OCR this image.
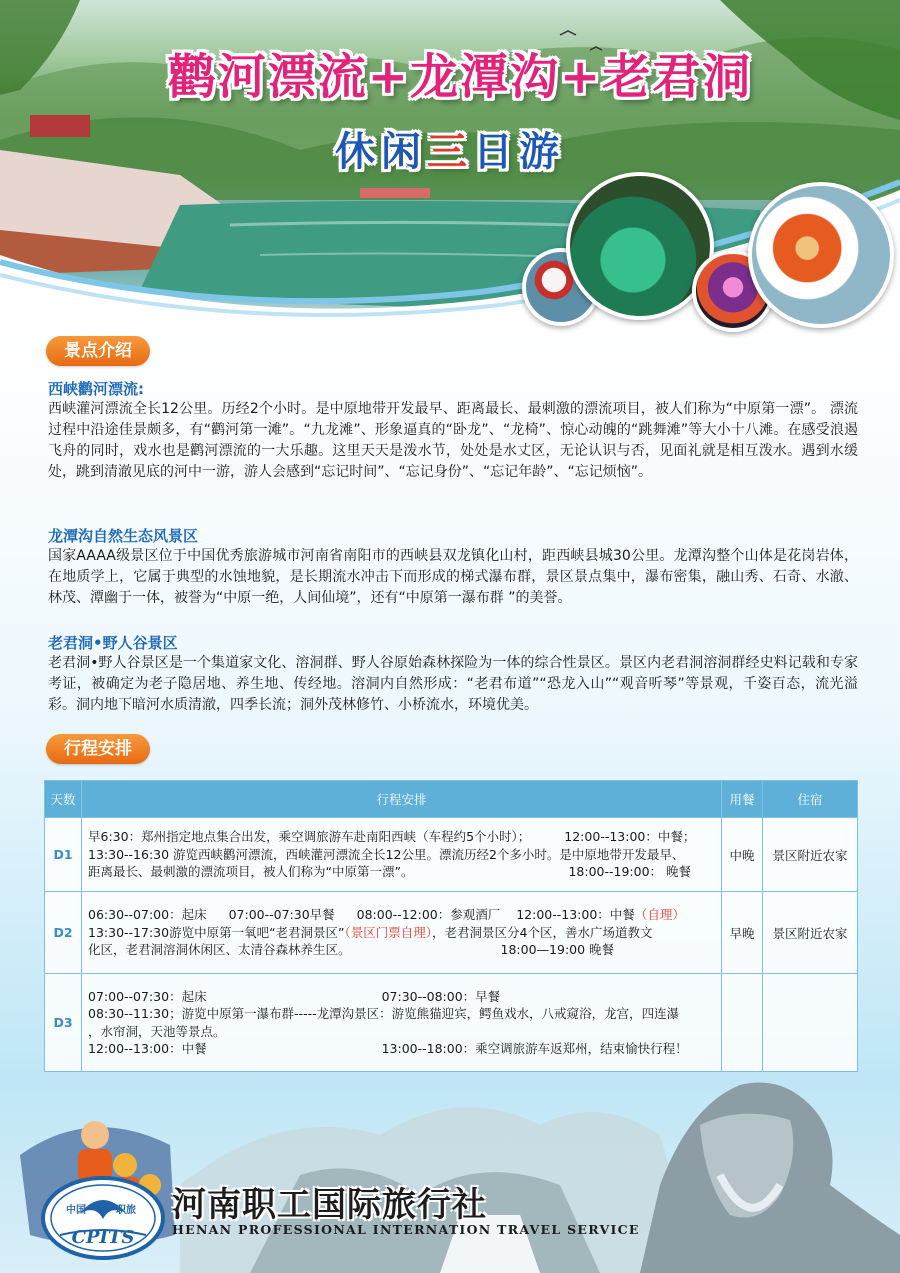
鹳河漂流+龙潭沟+老君洞
休闲三日游
景点介绍
西峡鹳河漂流:
西峡灌河漂流全长12公里。历经2个小时。是中原地带开发最早、距离最长、最刺激的漂流项目，被人们称为“中原第一漂”。 漂流过程中沿途佳景颇多，有“鹳河第一滩”。“九龙滩”、形象逼真的“卧龙”、“龙椅”、惊心动魄的“跳舞滩”等大小十八滩。在感受浪遏飞舟的同时，戏水也是鹳河漂流的一大乐趣。这里天天是泼水节，处处是水丈区，无论认识与否，见面礼就是相互泼水。遇到水缓处，跳到清澈见底的河中一游，游人会感到“忘记时间”、“忘记身份”、“忘记年龄”、“忘记烦恼”。
龙潭沟自然生态风景区
国家AAAA级景区位于中国优秀旅游城市河南省南阳市的西峡县双龙镇化山村，距西峡县城30公里。龙潭沟整个山体是花岗岩体，在地质学上，它属于典型的水蚀地貌，是长期流水冲击下而形成的梯式瀑布群，景区景点集中，瀑布密集，融山秀、石奇、水澈、林茂、潭幽于一体，被誉为“中原一绝，人间仙境”，还有“中原第一瀑布群 ”的美誉。
老君洞•野人谷景区
老君洞•野人谷景区是一个集道家文化、溶洞群、野人谷原始森林探险为一体的综合性景区。景区内老君洞溶洞群经史料记载和专家考证，被确定为老子隐居地、养生地、传经地。溶洞内自然形成：“老君布道”“恐龙入山”“观音听琴”等景观，千姿百态，流光溢彩。洞内地下暗河水质清澈，四季长流；洞外茂林修竹、小桥流水，环境优美。
行程安排
天数	行程安排	用餐	住宿
D1	早6:30：郑州指定地点集合出发，乘空调旅游车赴南阳西峡（车程约5个小时）； 12:00--13:00：中餐；
13:30--16:30 游览西峡鹳河漂流，西峡灌河漂流全长12公里。漂流历经2个多小时。是中原地带开发最早、
距离最长、最刺激的漂流项目，被人们称为“中原第一漂”。 18:00--19:00： 晚餐	中晚	景区附近农家
D2	06:30--07:00：起床 07:00--07:30早餐 08:00--12:00：参观酒厂 12:00--13:00：中餐（自理）
13:30--17:30游览中原第一氧吧“老君洞景区”（景区门票自理），老君洞景区分4个区，善水广场道教文
化区，老君洞溶洞休闲区、太清谷森林养生区。 18:00—19:00 晚餐	早晚	景区附近农家
D3	07:00--07:30：起床 07:30--08:00：早餐
08:30--11:30；游览中原第一瀑布群-----龙潭沟景区：游览熊猫迎宾，鳄鱼戏水，八戒窥浴，龙宫，四连瀑
，水帘洞，天池等景点。
12:00--13:00：中餐 13:00--18:00：乘空调旅游车返郑州，结束愉快行程！		

中国	职旅
CPITS
河南职工国际旅行社
HENAN PROFESSIONAL INTERNATION TRAVEL SERVICE
